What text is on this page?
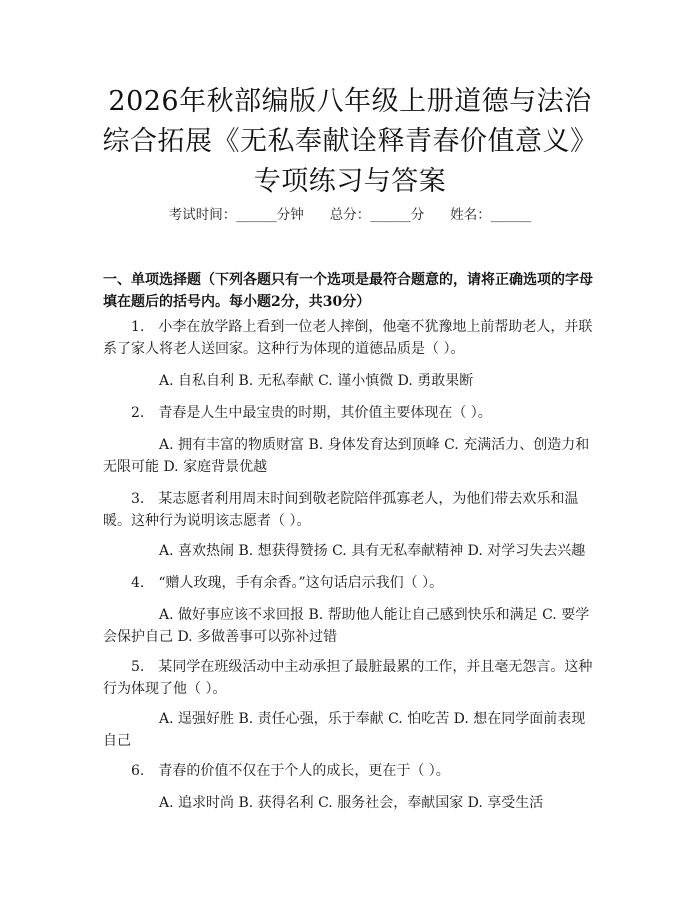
2026年秋部编版八年级上册道德与法治综合拓展《无私奉献诠释青春价值意义》专项练习与答案
考试时间：______分钟 总分：______分 姓名：______
一、单项选择题（下列各题只有一个选项是最符合题意的，请将正确选项的字母填在题后的括号内。每小题2分，共30分）
1.　小李在放学路上看到一位老人摔倒，他毫不犹豫地上前帮助老人，并联系了家人将老人送回家。这种行为体现的道德品质是（ ）。
A. 自私自利 B. 无私奉献 C. 谨小慎微 D. 勇敢果断
2.　青春是人生中最宝贵的时期，其价值主要体现在（ ）。
A. 拥有丰富的物质财富 B. 身体发育达到顶峰 C. 充满活力、创造力和无限可能 D. 家庭背景优越
3.　某志愿者利用周末时间到敬老院陪伴孤寡老人，为他们带去欢乐和温暖。这种行为说明该志愿者（ ）。
A. 喜欢热闹 B. 想获得赞扬 C. 具有无私奉献精神 D. 对学习失去兴趣
4.　“赠人玫瑰，手有余香。”这句话启示我们（ ）。
A. 做好事应该不求回报 B. 帮助他人能让自己感到快乐和满足 C. 要学会保护自己 D. 多做善事可以弥补过错
5.　某同学在班级活动中主动承担了最脏最累的工作，并且毫无怨言。这种行为体现了他（ ）。
A. 逞强好胜 B. 责任心强，乐于奉献 C. 怕吃苦 D. 想在同学面前表现自己
6.　青春的价值不仅在于个人的成长，更在于（ ）。
A. 追求时尚 B. 获得名利 C. 服务社会，奉献国家 D. 享受生活
